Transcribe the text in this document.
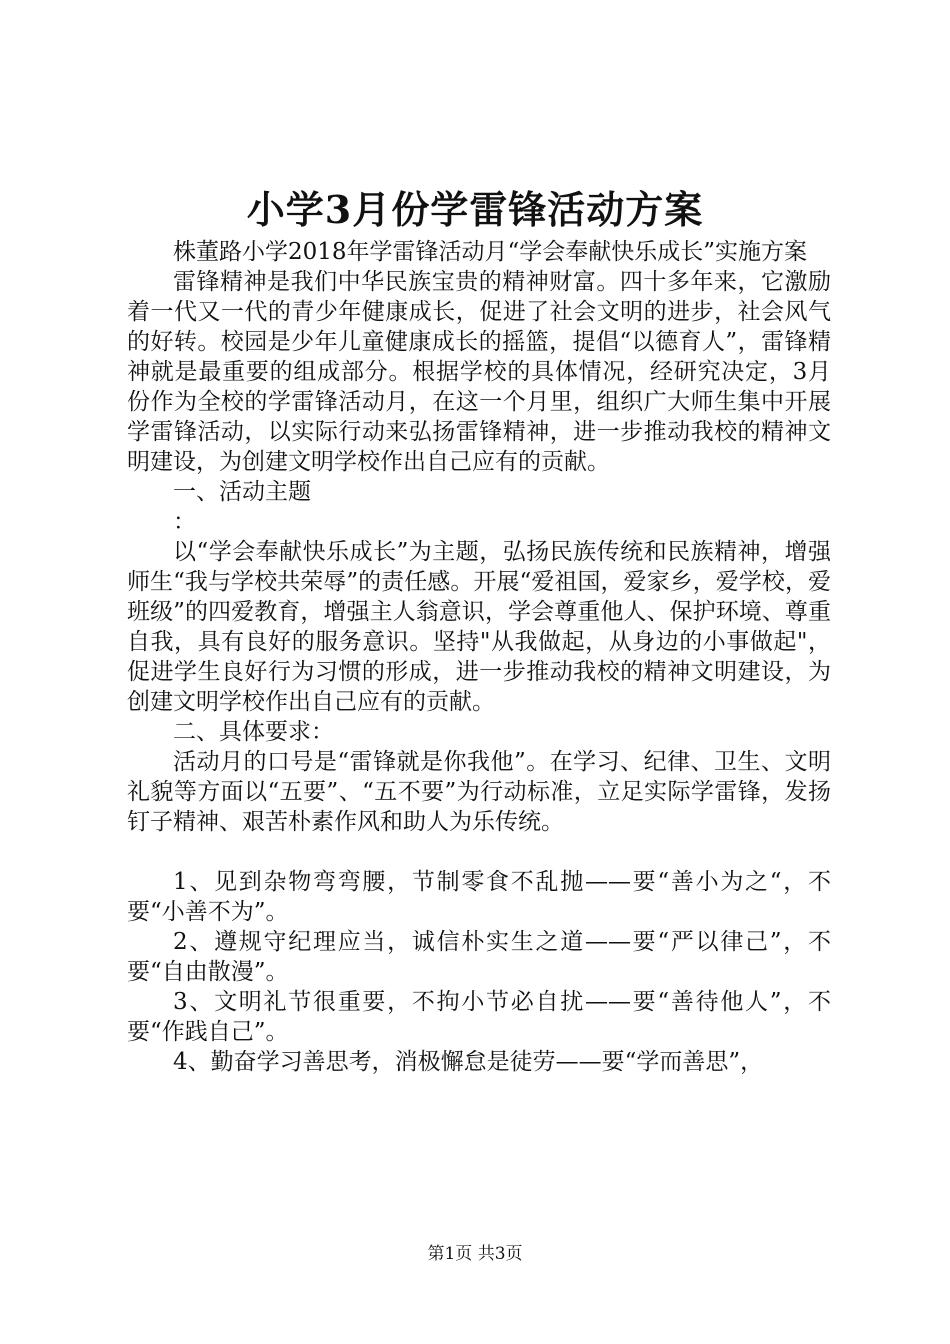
小学3月份学雷锋活动方案

株董路小学2018年学雷锋活动月“学会奉献快乐成长”实施方案

雷锋精神是我们中华民族宝贵的精神财富。四十多年来，它激励着一代又一代的青少年健康成长，促进了社会文明的进步，社会风气的好转。校园是少年儿童健康成长的摇篮，提倡“以德育人”，雷锋精神就是最重要的组成部分。根据学校的具体情况，经研究决定，3月份作为全校的学雷锋活动月，在这一个月里，组织广大师生集中开展学雷锋活动，以实际行动来弘扬雷锋精神，进一步推动我校的精神文明建设，为创建文明学校作出自己应有的贡献。

一、活动主题

：

以“学会奉献快乐成长”为主题，弘扬民族传统和民族精神，增强师生“我与学校共荣辱”的责任感。开展“爱祖国，爱家乡，爱学校，爱班级”的四爱教育，增强主人翁意识，学会尊重他人、保护环境、尊重自我，具有良好的服务意识。坚持"从我做起，从身边的小事做起"，促进学生良好行为习惯的形成，进一步推动我校的精神文明建设，为创建文明学校作出自己应有的贡献。

二、具体要求：

活动月的口号是“雷锋就是你我他”。在学习、纪律、卫生、文明礼貌等方面以“五要”、“五不要”为行动标准，立足实际学雷锋，发扬钉子精神、艰苦朴素作风和助人为乐传统。

1、见到杂物弯弯腰，节制零食不乱抛——要“善小为之“，不要“小善不为”。

2、遵规守纪理应当，诚信朴实生之道——要“严以律己”，不要“自由散漫”。

3、文明礼节很重要，不拘小节必自扰——要“善待他人”，不要“作践自己”。

4、勤奋学习善思考，消极懈怠是徒劳——要“学而善思”，

第1页 共3页
